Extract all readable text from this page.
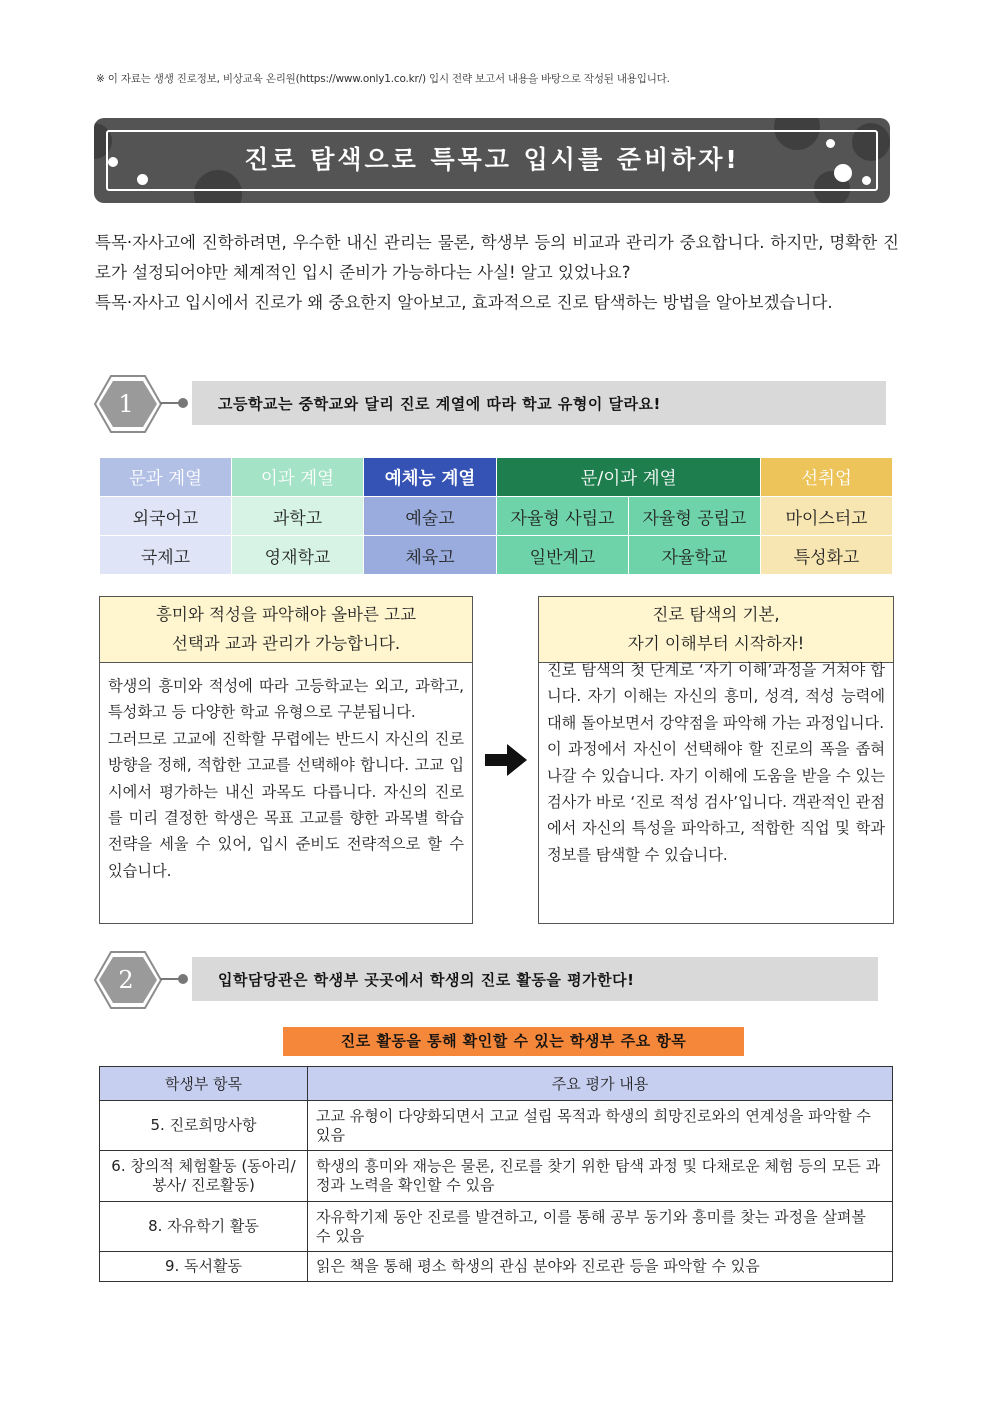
※ 이 자료는 생생 진로정보, 비상교육 온리원(https://www.only1.co.kr/) 입시 전략 보고서 내용을 바탕으로 작성된 내용입니다.
진로 탐색으로 특목고 입시를 준비하자!

특목·자사고에 진학하려면, 우수한 내신 관리는 물론, 학생부 등의 비교과 관리가 중요합니다. 하지만, 명확한 진로가 설정되어야만 체계적인 입시 준비가 가능하다는 사실! 알고 있었나요?

특목·자사고 입시에서 진로가 왜 중요한지 알아보고, 효과적으로 진로 탐색하는 방법을 알아보겠습니다.

1	고등학교는 중학교와 달리 진로 계열에 따라 학교 유형이 달라요!
문과 계열	이과 계열	예체능 계열	문/이과 계열		선취업
외국어고	과학고	예술고	자율형 사립고	자율형 공립고	마이스터고
국제고	영재학교	체육고	일반계고	자율학교	특성화고
흥미와 적성을 파악해야 올바른 고교
선택과 교과 관리가 가능합니다.

학생의 흥미와 적성에 따라 고등학교는 외고, 과학고, 특성화고 등 다양한 학교 유형으로 구분됩니다.

그러므로 고교에 진학할 무렵에는 반드시 자신의 진로 방향을 정해, 적합한 고교를 선택해야 합니다. 고교 입시에서 평가하는 내신 과목도 다릅니다. 자신의 진로를 미리 결정한 학생은 목표 고교를 향한 과목별 학습 전략을 세울 수 있어, 입시 준비도 전략적으로 할 수 있습니다.

진로 탐색의 기본,
자기 이해부터 시작하자!

진로 탐색의 첫 단계로 ‘자기 이해’과정을 거쳐야 합니다. 자기 이해는 자신의 흥미, 성격, 적성 능력에 대해 돌아보면서 강약점을 파악해 가는 과정입니다.

이 과정에서 자신이 선택해야 할 진로의 폭을 좁혀나갈 수 있습니다. 자기 이해에 도움을 받을 수 있는 검사가 바로 ‘진로 적성 검사’입니다. 객관적인 관점에서 자신의 특성을 파악하고, 적합한 직업 및 학과 정보를 탐색할 수 있습니다.

2	입학담당관은 학생부 곳곳에서 학생의 진로 활동을 평가한다!
진로 활동을 통해 확인할 수 있는 학생부 주요 항목
학생부 항목	주요 평가 내용
5. 진로희망사항	고교 유형이 다양화되면서 고교 설립 목적과 학생의 희망진로와의 연계성을 파악할 수 있음
6. 창의적 체험활동 (동아리/봉사/ 진로활동)	학생의 흥미와 재능은 물론, 진로를 찾기 위한 탐색 과정 및 다채로운 체험 등의 모든 과정과 노력을 확인할 수 있음
8. 자유학기 활동	자유학기제 동안 진로를 발견하고, 이를 통해 공부 동기와 흥미를 찾는 과정을 살펴볼 수 있음
9. 독서활동	읽은 책을 통해 평소 학생의 관심 분야와 진로관 등을 파악할 수 있음
